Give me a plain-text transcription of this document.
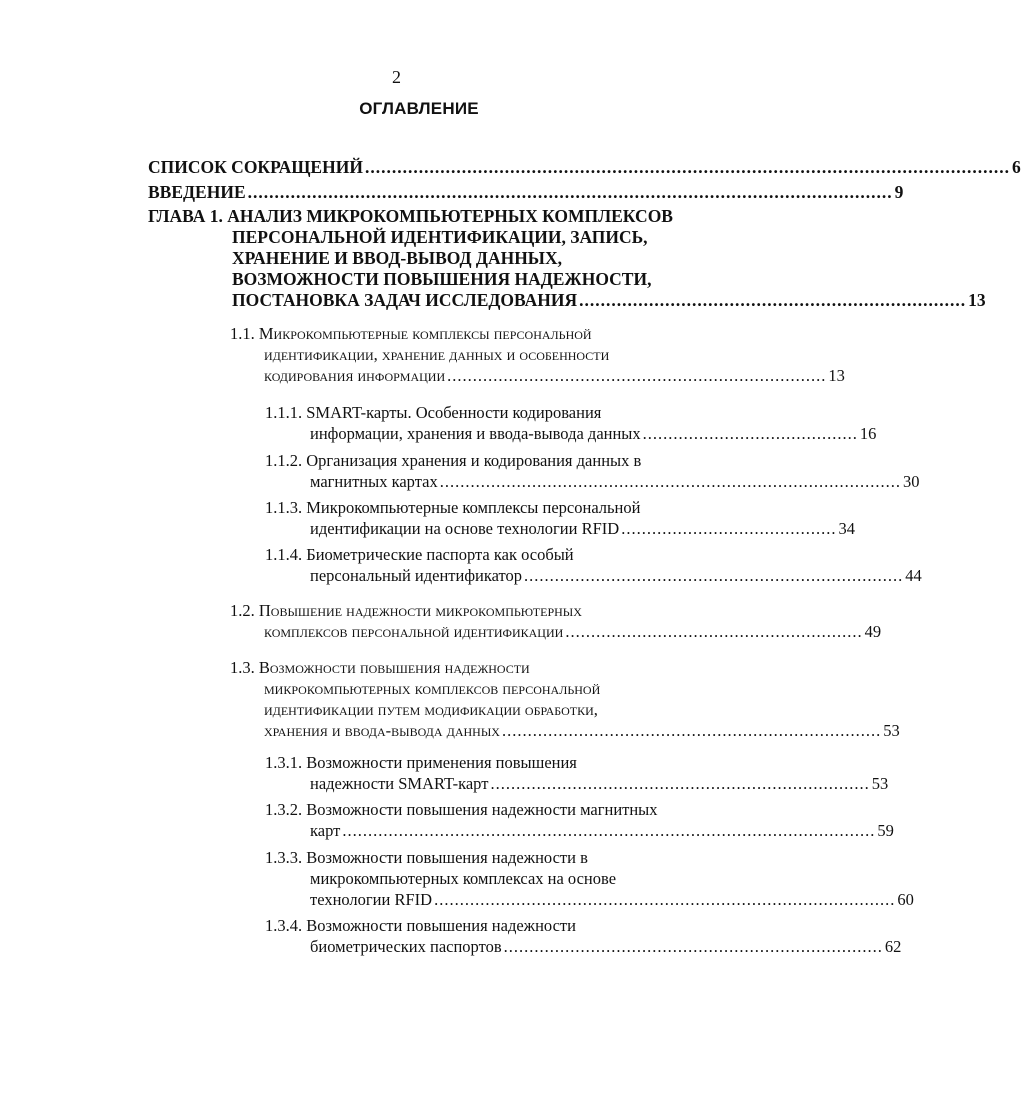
2
ОГЛАВЛЕНИЕ
СПИСОК СОКРАЩЕНИЙ ........................................................................................................................ 6
ВВЕДЕНИЕ ........................................................................................................................ 9
ГЛАВА 1. АНАЛИЗ МИКРОКОМПЬЮТЕРНЫХ КОМПЛЕКСОВ
ПЕРСОНАЛЬНОЙ ИДЕНТИФИКАЦИИ, ЗАПИСЬ,
ХРАНЕНИЕ И ВВОД-ВЫВОД ДАННЫХ,
ВОЗМОЖНОСТИ ПОВЫШЕНИЯ НАДЕЖНОСТИ,
ПОСТАНОВКА ЗАДАЧ ИССЛЕДОВАНИЯ ........................................................................ 13
1.1. Микрокомпьютерные комплексы персональной
идентификации, хранение данных и особенности
кодирования информации .......................................................................... 13
1.1.1. SMART-карты. Особенности кодирования
информации, хранения и ввода-вывода данных .......................................... 16
1.1.2. Организация хранения и кодирования данных в
магнитных картах .......................................................................................... 30
1.1.3. Микрокомпьютерные комплексы персональной
идентификации на основе технологии RFID .......................................... 34
1.1.4. Биометрические паспорта как особый
персональный идентификатор .......................................................................... 44
1.2. Повышение надежности микрокомпьютерных
комплексов персональной идентификации .......................................................... 49
1.3. Возможности повышения надежности
микрокомпьютерных комплексов персональной
идентификации путем модификации обработки,
хранения и ввода-вывода данных .......................................................................... 53
1.3.1. Возможности применения повышения
надежности SMART-карт .......................................................................... 53
1.3.2. Возможности повышения надежности магнитных
карт ........................................................................................................ 59
1.3.3. Возможности повышения надежности в
микрокомпьютерных комплексах на основе
технологии RFID .......................................................................................... 60
1.3.4. Возможности повышения надежности
биометрических паспортов .......................................................................... 62
